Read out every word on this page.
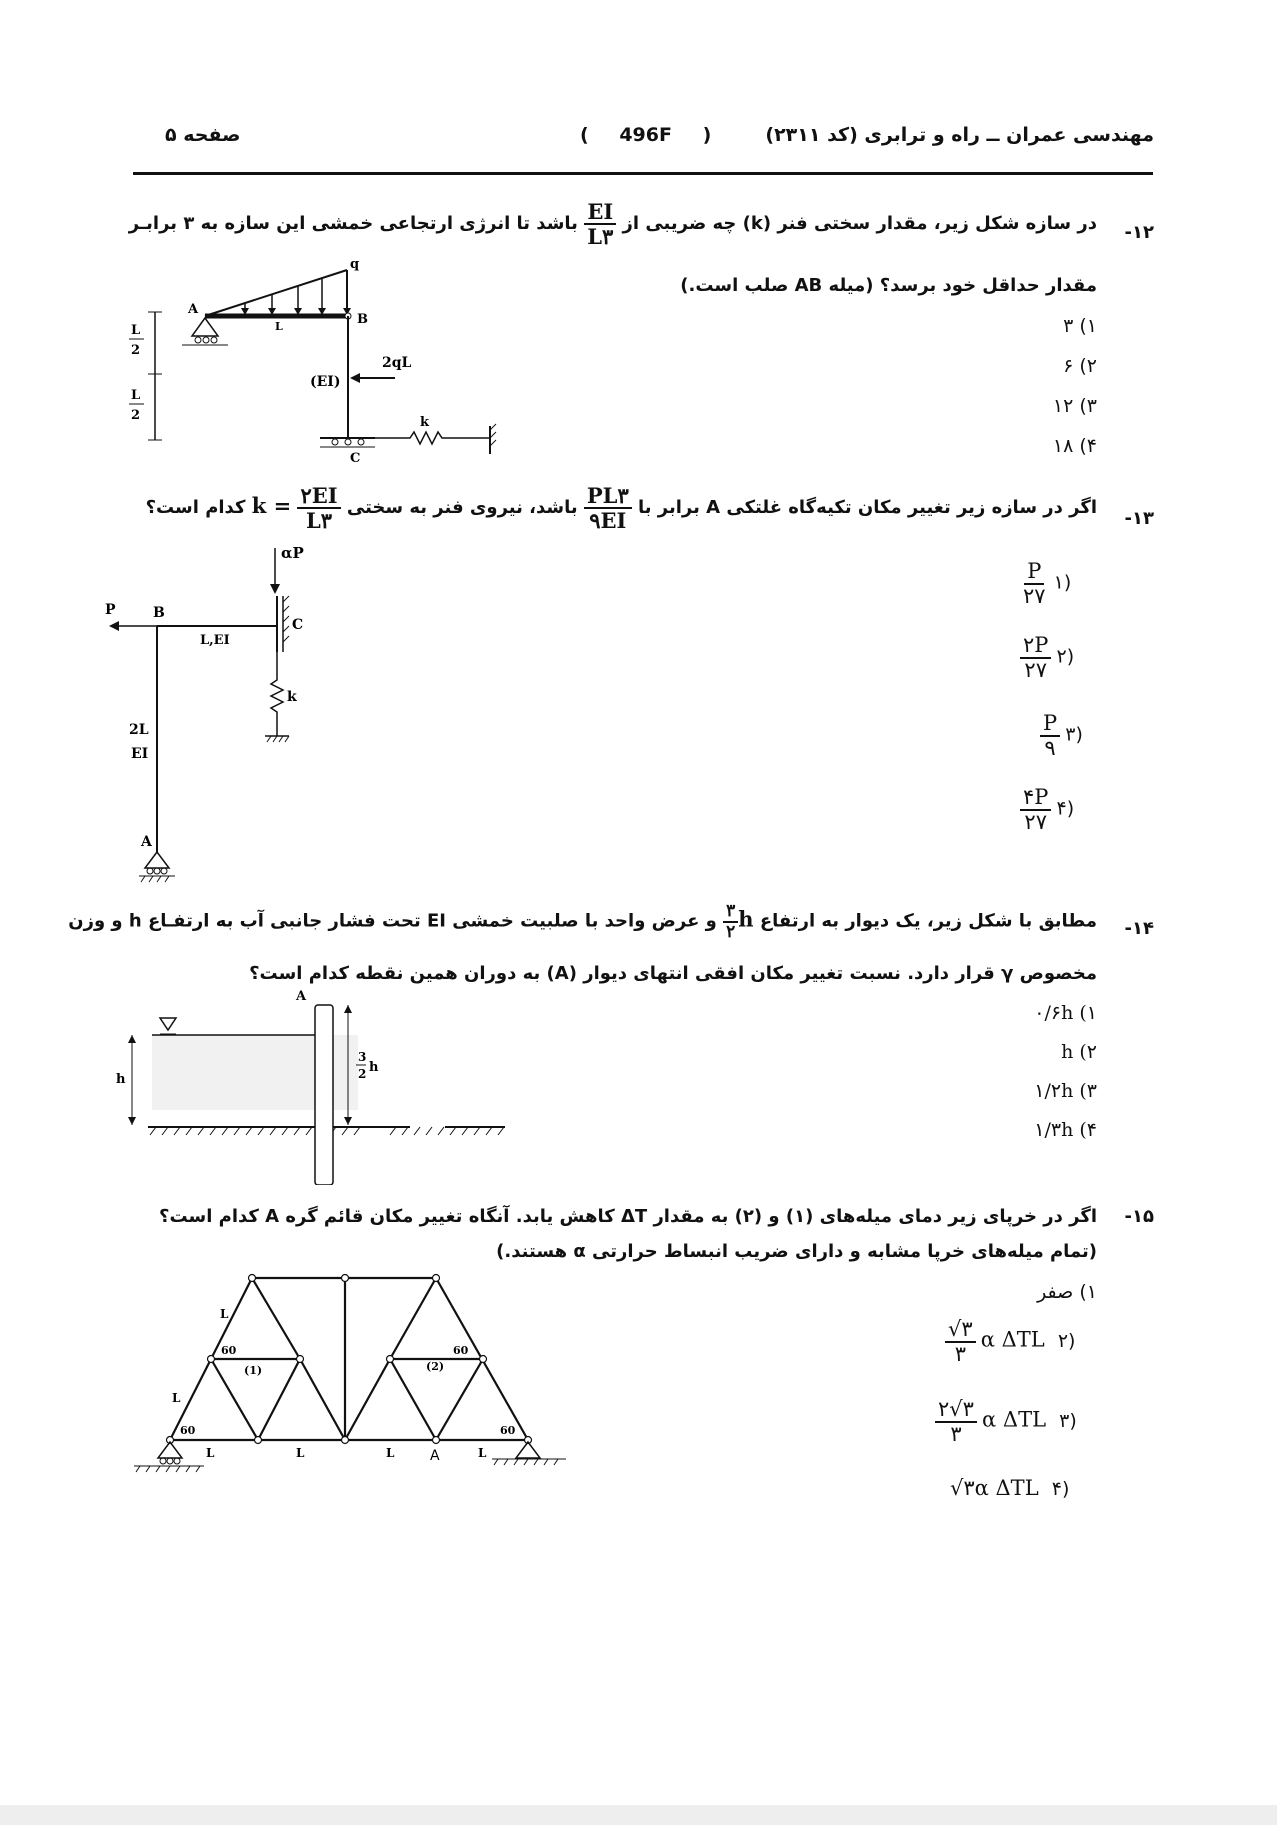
مهندسی عمران ــ راه و ترابری (کد ۲۳۱۱)
( 496F )
صفحه ۵
-۱۲
در سازه شکل زیر، مقدار سختی فنر (k) چه ضریبی از
$\frac{EI}{L۳}$
باشد تا انرژی ارتجاعی خمشی این سازه به ۳ برابـر
مقدار حداقل خود برسد؟ (میله AB صلب است.)
۱) ۳
۲) ۶
۳) ۱۲
۴) ۱۸
L
2
L
2
q
A
B
L
(EI)
2qL
C
k
-۱۳
اگر در سازه زیر تغییر مکان تکیه‌گاه غلتکی A برابر با
$\frac{PL۳}{۹EI}$
باشد، نیروی فنر به سختی
$\frac{۲EI}{L۳}$
k = کدام است؟
$\frac{P}{۲۷}$ ۱)
$\frac{۲P}{۲۷}$ ۲)
$\frac{P}{۹}$ ۳)
$\frac{۴P}{۲۷}$ ۴)
αP
P	B
L,EI
C
k
2L
EI
A
-۱۴
مطابق با شکل زیر، یک دیوار به ارتفاع h
$\frac{۳}{۲}$
و عرض واحد با صلبیت خمشی EI تحت فشار جانبی آب به ارتفـاع h و وزن
مخصوص γ قرار دارد. نسبت تغییر مکان افقی انتهای دیوار (A) به دوران همین نقطه کدام است؟
۱) ۰/۶h
۲) h
۳) ۱/۲h
۴) ۱/۳h
h
A
3
2 h
-۱۵
اگر در خرپای زیر دمای میله‌های (۱) و (۲) به مقدار ΔT کاهش یابد. آنگاه تغییر مکان قائم گره A کدام است؟
(تمام میله‌های خرپا مشابه و دارای ضریب انبساط حرارتی α هستند.)
۱) صفر
$\frac{√۳}{۳}$ α ΔTL ۲)
$\frac{۲√۳}{۳}$ α ΔTL ۳)
√۳α ΔTL ۴)
L
L
L	L	L	L
60
60
60
60
(1)	(2)
A
